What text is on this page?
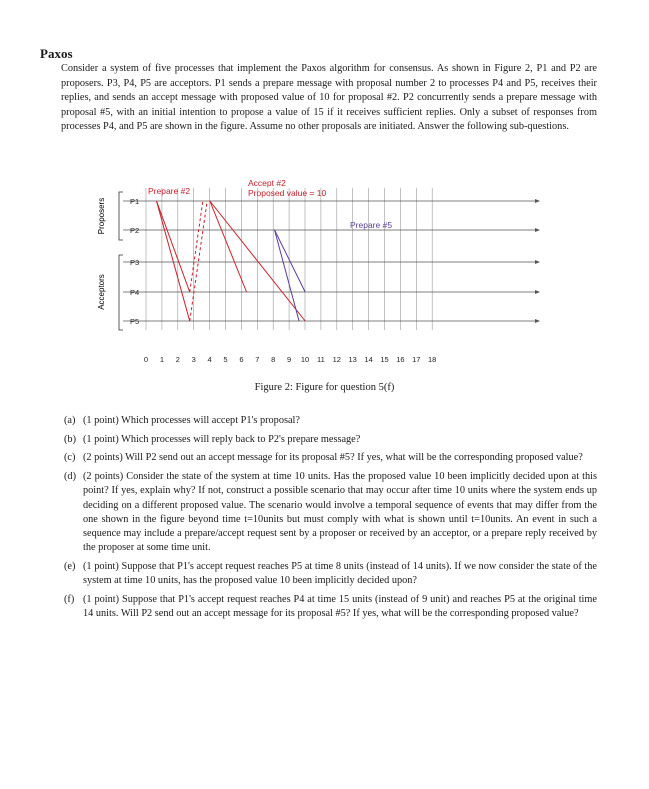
Paxos
Consider a system of five processes that implement the Paxos algorithm for consensus. As shown in Figure 2, P1 and P2 are proposers. P3, P4, P5 are acceptors. P1 sends a prepare message with proposal number 2 to processes P4 and P5, receives their replies, and sends an accept message with proposed value of 10 for proposal #2. P2 concurrently sends a prepare message with proposal #5, with an initial intention to propose a value of 15 if it receives sufficient replies. Only a subset of responses from processes P4, and P5 are shown in the figure. Assume no other proposals are initiated. Answer the following sub-questions.
0 1 2 3 4 5 6 7 8 9 10 11 12 13 14 15 16 17 18
P1
P2
P3
P4
P5
Proposers
Acceptors
Prepare #2
Accept #2
Proposed value = 10
Prepare #5
Figure 2: Figure for question 5(f)
(a) (1 point) Which processes will accept P1's proposal?
(b) (1 point) Which processes will reply back to P2's prepare message?
(c) (2 points) Will P2 send out an accept message for its proposal #5? If yes, what will be the corresponding proposed value?
(d) (2 points) Consider the state of the system at time 10 units. Has the proposed value 10 been implicitly decided upon at this point? If yes, explain why? If not, construct a possible scenario that may occur after time 10 units where the system ends up deciding on a different proposed value. The scenario would involve a temporal sequence of events that may differ from the one shown in the figure beyond time t=10units but must comply with what is shown until t=10units. An event in such a sequence may include a prepare/accept request sent by a proposer or received by an acceptor, or a prepare reply received by the proposer at some time unit.
(e) (1 point) Suppose that P1's accept request reaches P5 at time 8 units (instead of 14 units). If we now consider the state of the system at time 10 units, has the proposed value 10 been implicitly decided upon?
(f) (1 point) Suppose that P1's accept request reaches P4 at time 15 units (instead of 9 unit) and reaches P5 at the original time 14 units. Will P2 send out an accept message for its proposal #5? If yes, what will be the corresponding proposed value?
